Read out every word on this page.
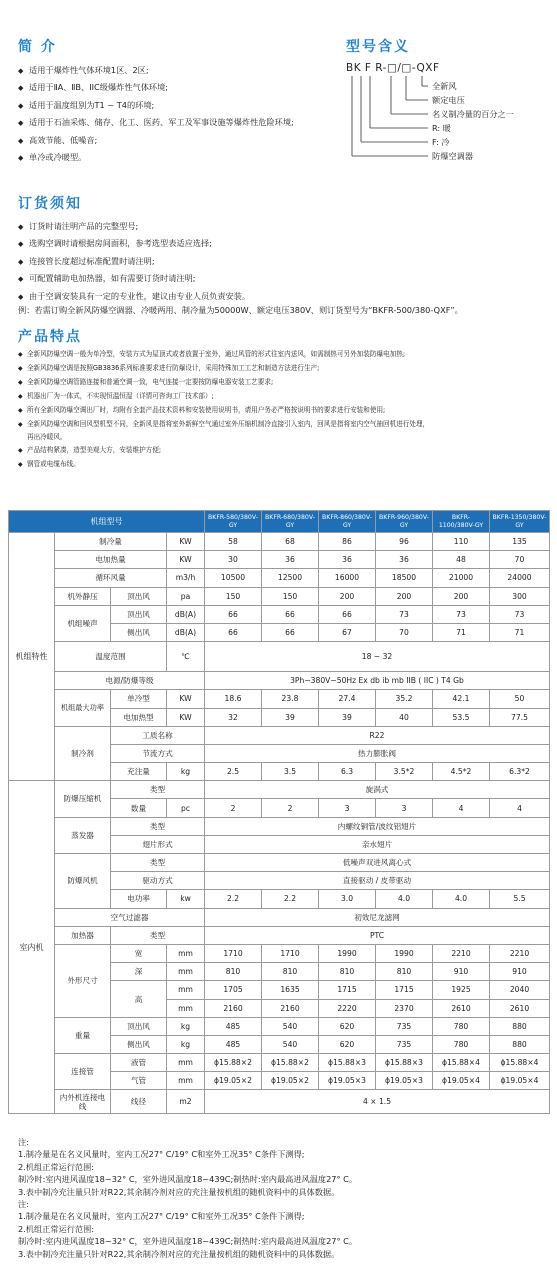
简 介
◆ 适用于爆炸性气体环境1区、2区;
◆ 适用于ⅡA、ⅡB、IIC级爆炸性气体环境;
◆ 适用于温度组别为T1 ~ T4的环境;
◆ 适用于石油采炼、储存、化工、医药、军工及军事设施等爆炸性危险环境;
◆ 高效节能、低噪音;
◆ 单冷或冷暖型。
型号含义
BK F R-□/□-QXF
全新风
额定电压
名义制冷量的百分之一
R: 暖
F: 冷
防爆空调器
订货须知
◆ 订货时请注明产品的完整型号;
◆ 选购空调时请根据房间面积，参考选型表适应选择;
◆ 连接管长度超过标准配置时请注明;
◆ 可配置辅助电加热器，如有需要订货时请注明;
◆ 由于空调安装具有一定的专业性，建议由专业人员负责安装。
例：若需订购全新风防爆空调器、冷暖两用、制冷量为50000W、额定电压380V、则订货型号为“BKFR-500/380-QXF”。
产品特点
◆ 全新风防爆空调一般为单冷型，安装方式为屋顶式或者放置于室外，通过风管的形式往室内送风，如需制热可另外加装防爆电加热;
◆ 全新风防爆空调是按照GB3836系列标准要求进行防爆设计，采用特殊加工工艺和制造方法进行生产;
◆ 全新风防爆空调管路连接和普通空调一致，电气连接一定要按防爆电器安装工艺要求;
◆ 机器出厂为一体式，不实现恒温恒湿（详情可咨询工厂技术部）;
◆ 所有全新风防爆空调出厂时，均附有全套产品技术资料和安装使用说明书，请用户务必严格按说明书的要求进行安装和使用;
◆ 全新风防爆空调和回风型机型不同，全新风是指将室外新鲜空气通过室外压缩机制冷直接引入室内，回风是指将室内空气抽回机进行处理，
再出冷暖风。
◆ 产品结构紧凑，造型美观大方，安装维护方便;
◆ 钢管或电缆布线。
机组型号				BKFR-580/380V-GY	BKFR-680/380V-GY	BKFR-860/380V-GY	BKFR-960/380V-GY	BKFR-1100/380V-GY	BKFR-1350/380V-GY
机组特性	制冷量		KW	58	68	86	96	110	135
	电加热量		KW	30	36	36	36	48	70
	循环风量		m3/h	10500	12500	16000	18500	21000	24000
	机外静压	顶出风	pa	150	150	200	200	200	300
	机组噪声	顶出风	dB(A)	66	66	66	73	73	73
		侧出风	dB(A)	66	66	67	70	71	71
	温度范围		℃	18 ~ 32					
	电源/防爆等级			3Ph~380V~50Hz Ex db ib mb IIB ( IIC ) T4 Gb					
	机组最大功率	单冷型	KW	18.6	23.8	27.4	35.2	42.1	50
		电加热型	KW	32	39	39	40	53.5	77.5
	制冷剂	工质名称		R22					
		节流方式		热力膨胀阀					
		充注量	kg	2.5	3.5	6.3	3.5*2	4.5*2	6.3*2
室内机	防爆压缩机	类型		旋涡式					
		数量	pc	2	2	3	3	4	4
	蒸发器	类型		内螺纹铜管/波纹铝翅片					
		翅片形式		亲水翅片					
	防爆风机	类型		低噪声双进风离心式					
		驱动方式		直接驱动 / 皮带驱动					
		电功率	kw	2.2	2.2	3.0	4.0	4.0	5.5
	空气过滤器			初效尼龙滤网					
	加热器	类型		PTC					
	外形尺寸	宽	mm	1710	1710	1990	1990	2210	2210
		深	mm	810	810	810	810	910	910
		高	mm	1705	1635	1715	1715	1925	2040
			mm	2160	2160	2220	2370	2610	2610
	重量	顶出风	kg	485	540	620	735	780	880
		侧出风	kg	485	540	620	735	780	880
	连接管	液管	mm	ϕ15.88×2	ϕ15.88×2	ϕ15.88×3	ϕ15.88×3	ϕ15.88×4	ϕ15.88×4
		气管	mm	ϕ19.05×2	ϕ19.05×2	ϕ19.05×3	ϕ19.05×3	ϕ19.05×4	ϕ19.05×4
	内外机连接电线	线径	m2	4 × 1.5					
注:
1.制冷量是在名义风量时，室内工况27° C/19° C和室外工况35° C条件下测得;
2.机组正常运行范围:
制冷时:室内进风温度18~32° C，室外进风温度18~439C;制热时:室内最高进风温度27° C。
3.表中制冷充注量只针对R22,其余制冷剂对应的充注量按机组的随机资料中的具体数据。
注:
1.制冷量是在名义风量时，室内工况27° C/19° C和室外工况35° C条件下测得;
2.机组正常运行范围:
制冷时:室内进风温度18~32° C，室外进风温度18~439C;制热时:室内最高进风温度27° C。
3.表中制冷充注量只针对R22,其余制冷剂对应的充注量按机组的随机资料中的具体数据。
